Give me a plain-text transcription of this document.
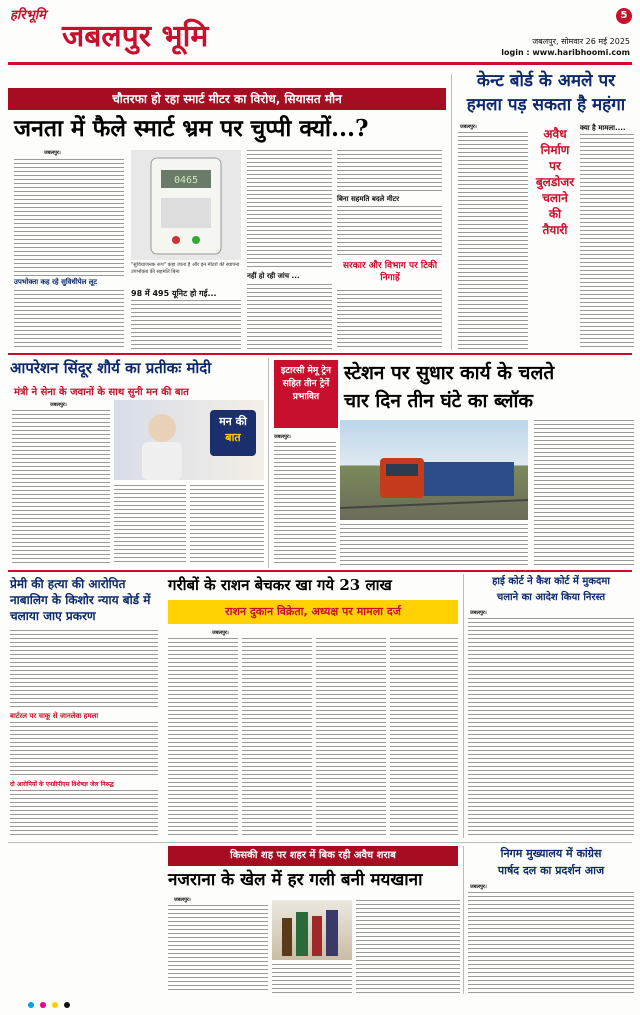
हरिभूमि
जबलपुर भूमि
5
जबलपुर, सोमवार 26 मई 2025
login : www.haribhoomi.com
चौतरफा हो रहा स्मार्ट मीटर का विरोध, सियासत मौन
जनता में फैले स्मार्ट भ्रम पर चुप्पी क्यों...?
जबलपुर।
उपभोक्ता कह रहे सुविधीपेल लूट
0465
"सुविधाजनक रूप" कहा जाता है और इन मीटरों की स्थापना उपभोक्ता की सहमति बिना
98 में 495 यूनिट हो गई...
नहीं हो रही जांच ...
बिना सहमति बदले मीटर
सरकार और विभाग पर टिकी निगाहें
केन्ट बोर्ड के अमले पर
हमला पड़ सकता है महंगा
जबलपुर।	अवैध
निर्माण
पर
बुलडोजर
चलाने
की
तैयारी
क्या है मामला....
आपरेशन सिंदूर शौर्य का प्रतीकः मोदी
मंत्री ने सेना के जवानों के साथ सुनी मन की बात
जबलपुर।
मन की
बात
इटारसी मेमू ट्रेन सहित तीन ट्रेनें प्रभावित
स्टेशन पर सुधार कार्य के चलते
चार दिन तीन घंटे का ब्लॉक
जबलपुर।
प्रेमी की हत्या की आरोपित नाबालिग के किशोर न्याय बोर्ड में चलाया जाए प्रकरण
बार्टरल पर चाकू से जानलेवा हमला
दो आरोपियों के एनडीपीएस विशेषज्ञ जेल निरुद्ध
गरीबों के राशन बेचकर खा गये 23 लाख
राशन दुकान विक्रेता, अध्यक्ष पर मामला दर्ज
जबलपुर।
हाई कोर्ट ने कैश कोर्ट में मुकदमा
चलाने का आदेश किया निरस्त
जबलपुर।
किसकी शह पर शहर में बिक रही अवैध शराब
नजराना के खेल में हर गली बनी मयखाना
जबलपुर।
निगम मुख्यालय में कांग्रेस
पार्षद दल का प्रदर्शन आज
जबलपुर।
